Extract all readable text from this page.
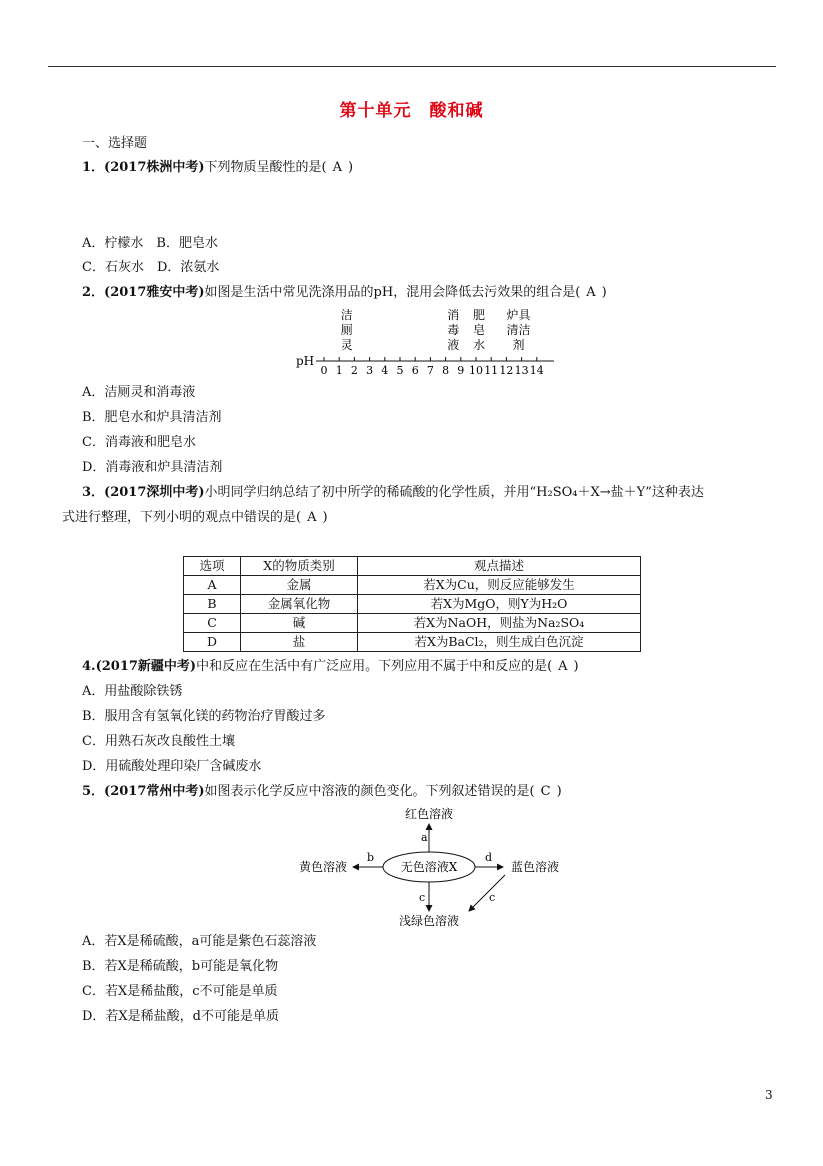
第十单元　酸和碱
一、选择题
1．(2017株洲中考)下列物质呈酸性的是( A )
A．柠檬水　B．肥皂水
C．石灰水　D．浓氨水
2．(2017雅安中考)如图是生活中常见洗涤用品的pH，混用会降低去污效果的组合是( A )
pH
0 1 2 3 4 5 6 7 8 9 10 11 12 13 14
洁
厕
灵
消
毒
液
肥
皂
水
炉具
清洁
剂
A．洁厕灵和消毒液
B．肥皂水和炉具清洁剂
C．消毒液和肥皂水
D．消毒液和炉具清洁剂
3．(2017深圳中考)小明同学归纳总结了初中所学的稀硫酸的化学性质，并用“H₂SO₄＋X→盐＋Y”这种表达
式进行整理，下列小明的观点中错误的是( A )
选项	X的物质类别	观点描述
A	金属	若X为Cu，则反应能够发生
B	金属氧化物	若X为MgO，则Y为H₂O
C	碱	若X为NaOH，则盐为Na₂SO₄
D	盐	若X为BaCl₂，则生成白色沉淀
4.(2017新疆中考)中和反应在生活中有广泛应用。下列应用不属于中和反应的是( A )
A．用盐酸除铁锈
B．服用含有氢氧化镁的药物治疗胃酸过多
C．用熟石灰改良酸性土壤
D．用硫酸处理印染厂含碱废水
5．(2017常州中考)如图表示化学反应中溶液的颜色变化。下列叙述错误的是( C )
无色溶液X
红色溶液
黄色溶液	蓝色溶液
浅绿色溶液
a
b	d
c	c
A．若X是稀硫酸，a可能是紫色石蕊溶液
B．若X是稀硫酸，b可能是氧化物
C．若X是稀盐酸，c不可能是单质
D．若X是稀盐酸，d不可能是单质
3
